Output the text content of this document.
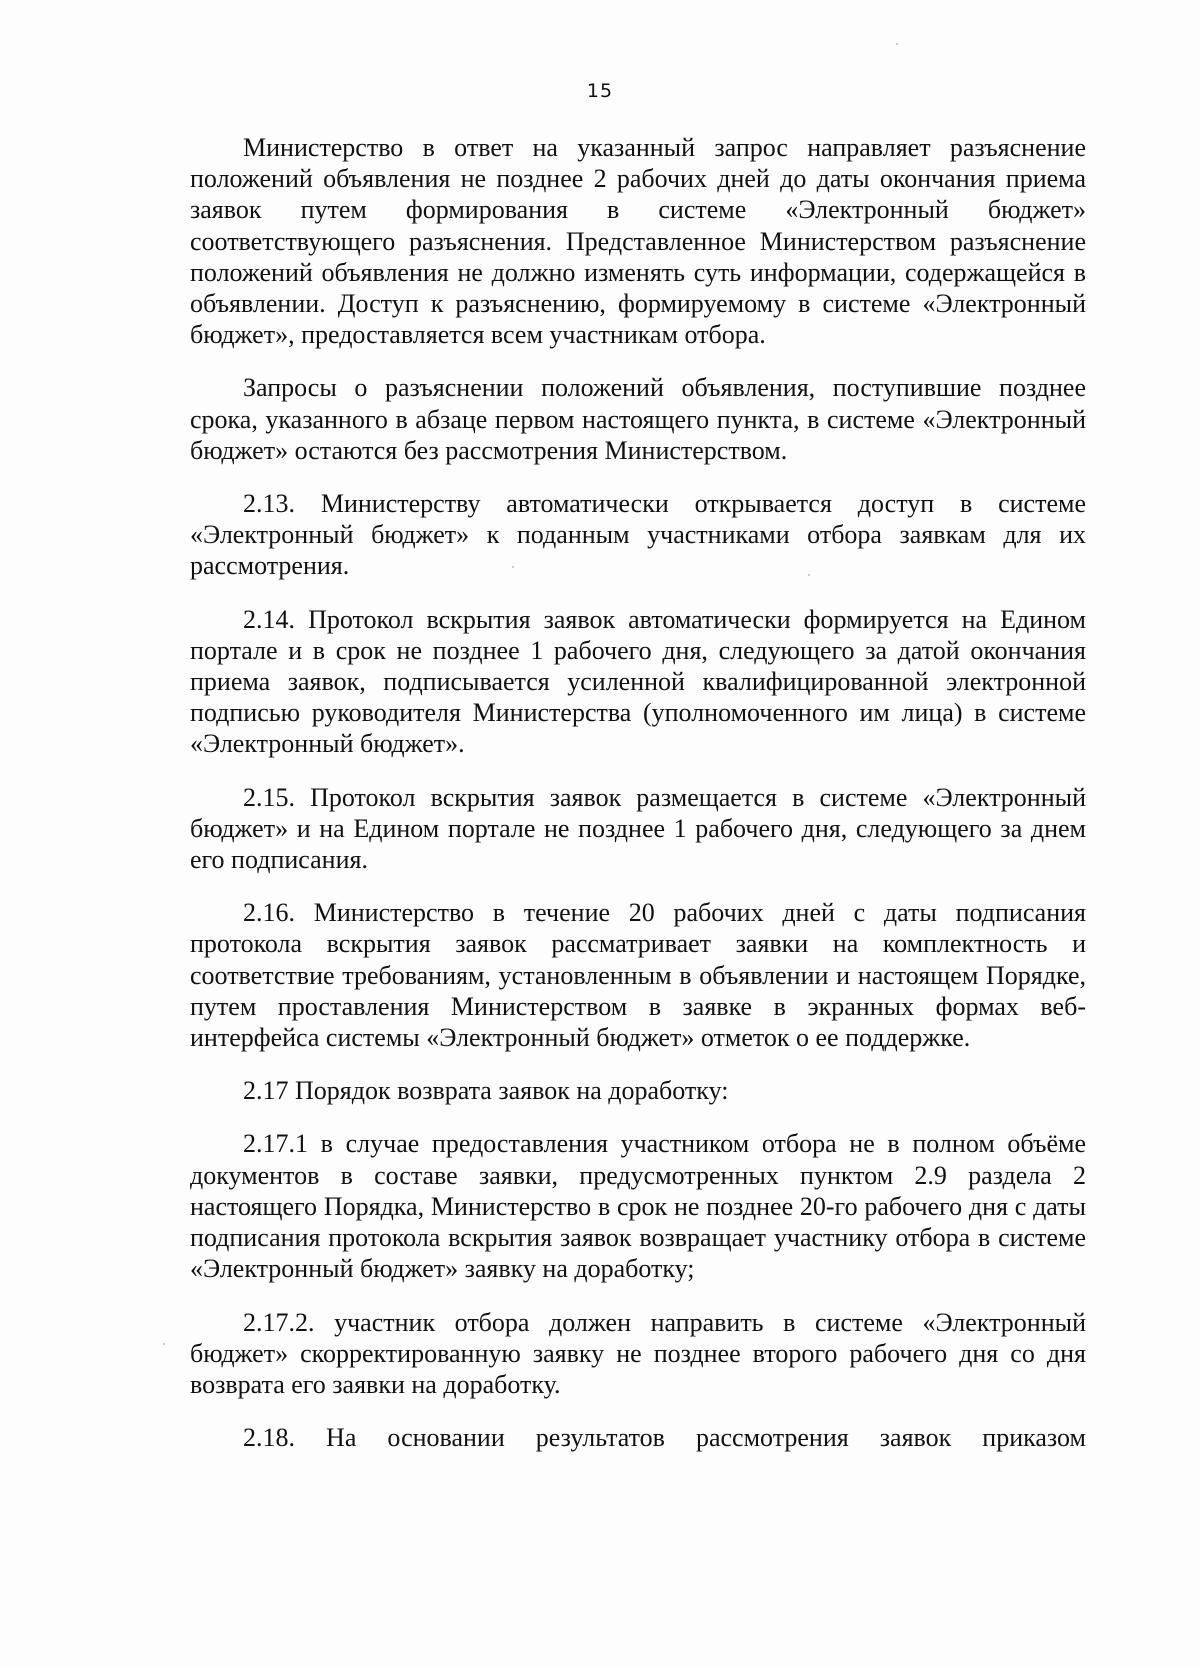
15

Министерство в ответ на указанный запрос направляет разъяснение положений объявления не позднее 2 рабочих дней до даты окончания приема заявок путем формирования в системе «Электронный бюджет» соответствующего разъяснения. Представленное Министерством разъяснение положений объявления не должно изменять суть информации, содержащейся в объявлении. Доступ к разъяснению, формируемому в системе «Электронный бюджет», предоставляется всем участникам отбора.

Запросы о разъяснении положений объявления, поступившие позднее срока, указанного в абзаце первом настоящего пункта, в системе «Электронный бюджет» остаются без рассмотрения Министерством.

2.13. Министерству автоматически открывается доступ в системе «Электронный бюджет» к поданным участниками отбора заявкам для их рассмотрения.

2.14. Протокол вскрытия заявок автоматически формируется на Едином портале и в срок не позднее 1 рабочего дня, следующего за датой окончания приема заявок, подписывается усиленной квалифицированной электронной подписью руководителя Министерства (уполномоченного им лица) в системе «Электронный бюджет».

2.15. Протокол вскрытия заявок размещается в системе «Электронный бюджет» и на Едином портале не позднее 1 рабочего дня, следующего за днем его подписания.

2.16. Министерство в течение 20 рабочих дней с даты подписания протокола вскрытия заявок рассматривает заявки на комплектность и соответствие требованиям, установленным в объявлении и настоящем Порядке, путем проставления Министерством в заявке в экранных формах веб-интерфейса системы «Электронный бюджет» отметок о ее поддержке.

2.17 Порядок возврата заявок на доработку:

2.17.1 в случае предоставления участником отбора не в полном объёме документов в составе заявки, предусмотренных пунктом 2.9 раздела 2 настоящего Порядка, Министерство в срок не позднее 20-го рабочего дня с даты подписания протокола вскрытия заявок возвращает участнику отбора в системе «Электронный бюджет» заявку на доработку;

2.17.2. участник отбора должен направить в системе «Электронный бюджет» скорректированную заявку не позднее второго рабочего дня со дня возврата его заявки на доработку.

2.18. На основании результатов рассмотрения заявок приказом
